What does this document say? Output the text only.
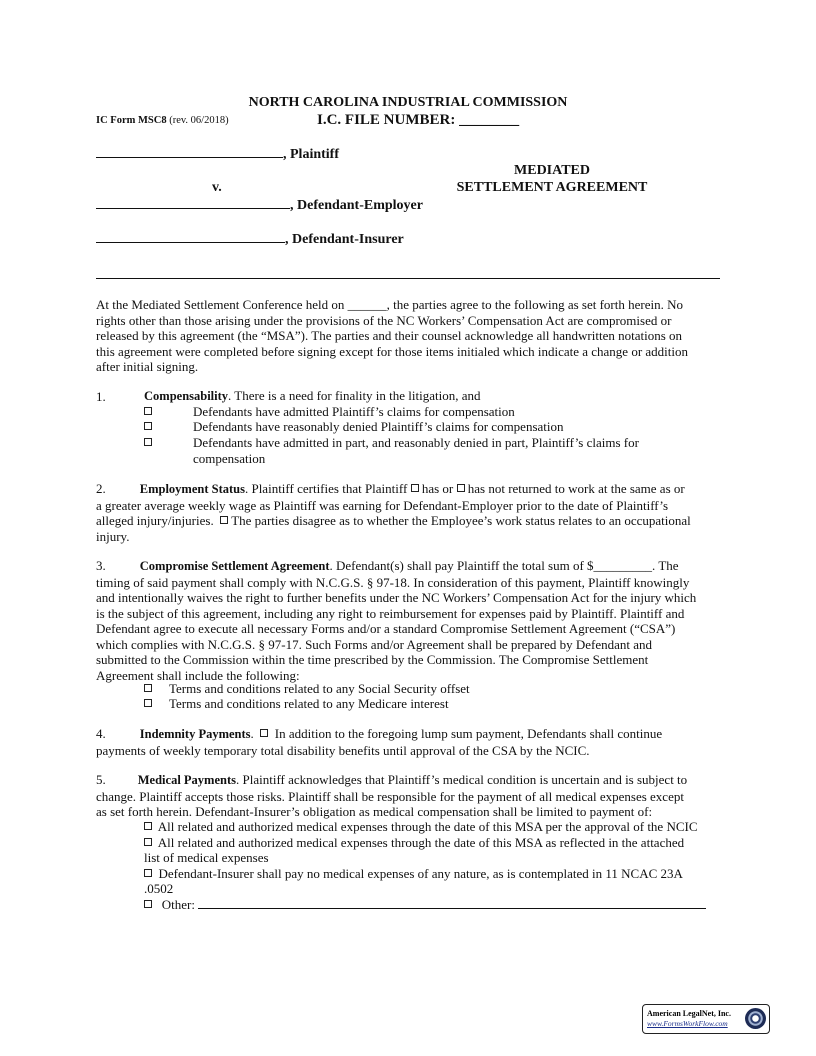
NORTH CAROLINA INDUSTRIAL COMMISSION
IC Form MSC8 (rev. 06/2018)	I.C. FILE NUMBER: ________
, Plaintiff
v.
, Defendant-Employer
, Defendant-Insurer
MEDIATED
SETTLEMENT AGREEMENT
At the Mediated Settlement Conference held on ______, the parties agree to the following as set forth herein. No
rights other than those arising under the provisions of the NC Workers’ Compensation Act are compromised or
released by this agreement (the “MSA”). The parties and their counsel acknowledge all handwritten notations on
this agreement were completed before signing except for those items initialed which indicate a change or addition
after initial signing.
1.	Compensability. There is a need for finality in the litigation, and
Defendants have admitted Plaintiff’s claims for compensation
Defendants have reasonably denied Plaintiff’s claims for compensation
Defendants have admitted in part, and reasonably denied in part, Plaintiff’s claims for
compensation
2.	Employment Status. Plaintiff certifies that Plaintiff has or has not returned to work at the same as or
a greater average weekly wage as Plaintiff was earning for Defendant-Employer prior to the date of Plaintiff’s
alleged injury/injuries. The parties disagree as to whether the Employee’s work status relates to an occupational
injury.
3.	Compromise Settlement Agreement. Defendant(s) shall pay Plaintiff the total sum of $_________. The
timing of said payment shall comply with N.C.G.S. § 97-18. In consideration of this payment, Plaintiff knowingly
and intentionally waives the right to further benefits under the NC Workers’ Compensation Act for the injury which
is the subject of this agreement, including any right to reimbursement for expenses paid by Plaintiff. Plaintiff and
Defendant agree to execute all necessary Forms and/or a standard Compromise Settlement Agreement (“CSA”)
which complies with N.C.G.S. § 97-17. Such Forms and/or Agreement shall be prepared by Defendant and
submitted to the Commission within the time prescribed by the Commission. The Compromise Settlement
Agreement shall include the following:
Terms and conditions related to any Social Security offset
Terms and conditions related to any Medicare interest
4.	Indemnity Payments.    In addition to the foregoing lump sum payment, Defendants shall continue
payments of weekly temporary total disability benefits until approval of the CSA by the NCIC.
5.	Medical Payments. Plaintiff acknowledges that Plaintiff’s medical condition is uncertain and is subject to
change. Plaintiff accepts those risks. Plaintiff shall be responsible for the payment of all medical expenses except
as set forth herein. Defendant-Insurer’s obligation as medical compensation shall be limited to payment of:
All related and authorized medical expenses through the date of this MSA per the approval of the NCIC
All related and authorized medical expenses through the date of this MSA as reflected in the attached
list of medical expenses
Defendant-Insurer shall pay no medical expenses of any nature, as is contemplated in 11 NCAC 23A
.0502
Other:
American LegalNet, Inc.
www.FormsWorkFlow.com
